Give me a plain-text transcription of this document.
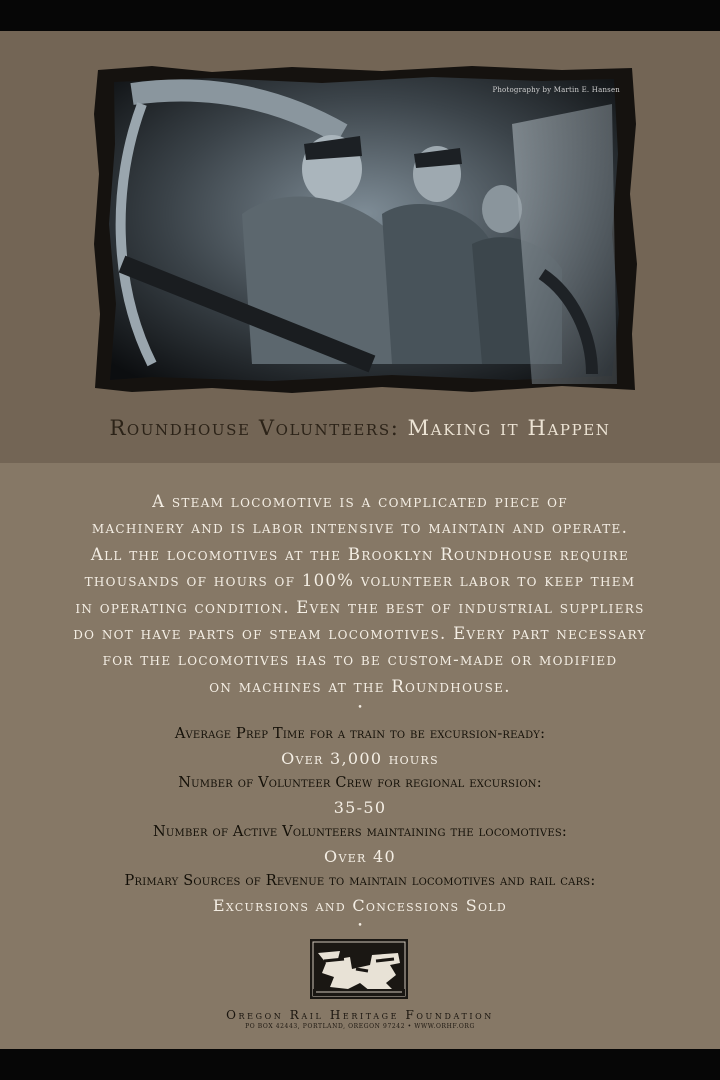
Photography by Martin E. Hansen
Roundhouse Volunteers: Making it Happen
A steam locomotive is a complicated piece of
machinery and is labor intensive to maintain and operate.
All the locomotives at the Brooklyn Roundhouse require
thousands of hours of 100% volunteer labor to keep them
in operating condition. Even the best of industrial suppliers
do not have parts of steam locomotives. Every part necessary
for the locomotives has to be custom-made or modified
on machines at the Roundhouse.
•
Average Prep Time for a train to be excursion-ready:
Over 3,000 hours
Number of Volunteer Crew for regional excursion:
35-50
Number of Active Volunteers maintaining the locomotives:
Over 40
Primary Sources of Revenue to maintain locomotives and rail cars:
Excursions and Concessions Sold
•
Oregon Rail Heritage Foundation
PO BOX 42443, PORTLAND, OREGON 97242 • WWW.ORHF.ORG
